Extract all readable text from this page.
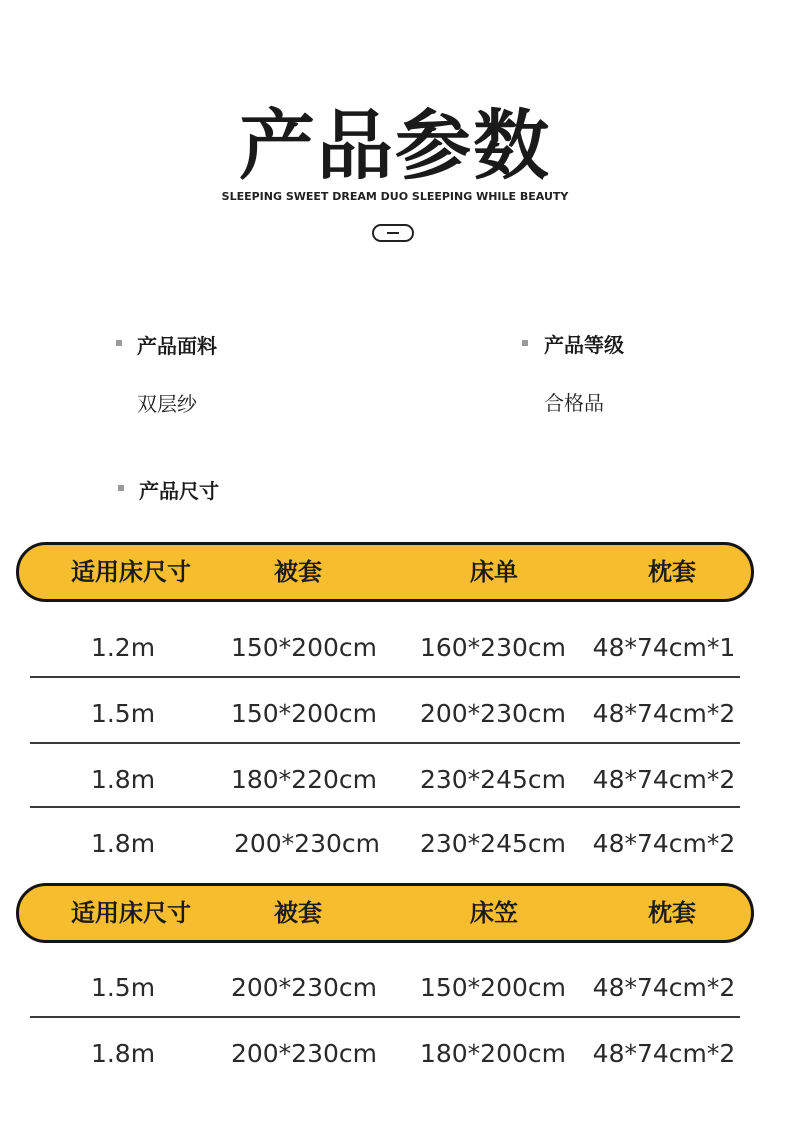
产品参数
SLEEPING SWEET DREAM DUO SLEEPING WHILE BEAUTY
产品面料
双层纱
产品等级
合格品
产品尺寸
适用床尺寸	被套	床单	枕套
1.2m	150*200cm	160*230cm	48*74cm*1
1.5m	150*200cm	200*230cm	48*74cm*2
1.8m	180*220cm	230*245cm	48*74cm*2
1.8m	200*230cm	230*245cm	48*74cm*2
适用床尺寸	被套	床笠	枕套
1.5m	200*230cm	150*200cm	48*74cm*2
1.8m	200*230cm	180*200cm	48*74cm*2
